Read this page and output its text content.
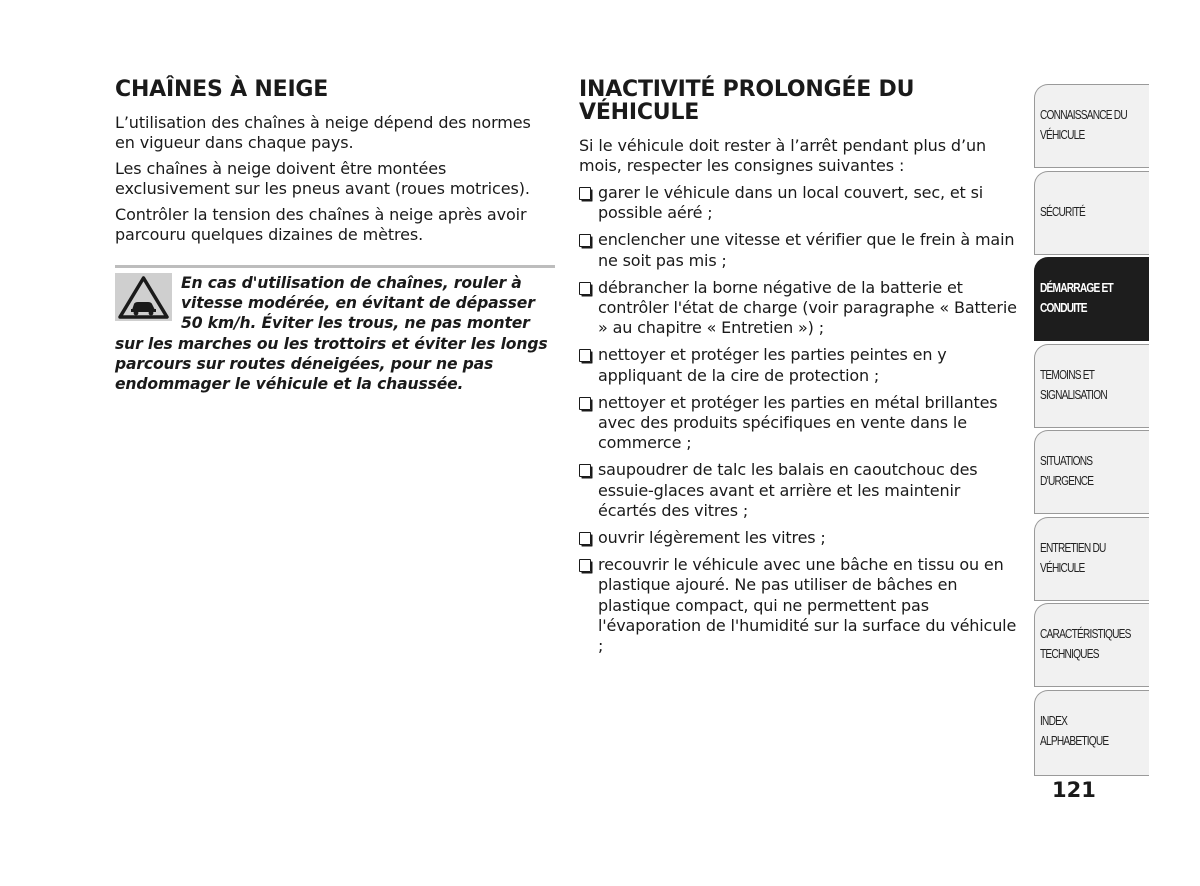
CHAÎNES À NEIGE

L’utilisation des chaînes à neige dépend des normes en vigueur dans chaque pays.

Les chaînes à neige doivent être montées exclusivement sur les pneus avant (roues motrices).

Contrôler la tension des chaînes à neige après avoir parcouru quelques dizaines de mètres.

En cas d'utilisation de chaînes, rouler à vitesse modérée, en évitant de dépasser 50 km/h. Éviter les trous, ne pas monter sur les marches ou les trottoirs et éviter les longs parcours sur routes déneigées, pour ne pas endommager le véhicule et la chaussée.

INACTIVITÉ PROLONGÉE DU VÉHICULE

Si le véhicule doit rester à l’arrêt pendant plus d’un mois, respecter les consignes suivantes :

garer le véhicule dans un local couvert, sec, et si possible aéré ;
enclencher une vitesse et vérifier que le frein à main ne soit pas mis ;
débrancher la borne négative de la batterie et contrôler l'état de charge (voir paragraphe « Batterie » au chapitre « Entretien ») ;
nettoyer et protéger les parties peintes en y appliquant de la cire de protection ;
nettoyer et protéger les parties en métal brillantes avec des produits spécifiques en vente dans le commerce ;
saupoudrer de talc les balais en caoutchouc des essuie-glaces avant et arrière et les maintenir écartés des vitres ;
ouvrir légèrement les vitres ;
recouvrir le véhicule avec une bâche en tissu ou en plastique ajouré. Ne pas utiliser de bâches en plastique compact, qui ne permettent pas l'évaporation de l'humidité sur la surface du véhicule ;
CONNAISSANCE DU
VÉHICULE
SÉCURITÉ
DÉMARRAGE ET
CONDUITE
TEMOINS ET
SIGNALISATION
SITUATIONS
D’URGENCE
ENTRETIEN DU
VÉHICULE
CARACTÉRISTIQUES
TECHNIQUES
INDEX
ALPHABETIQUE
121
